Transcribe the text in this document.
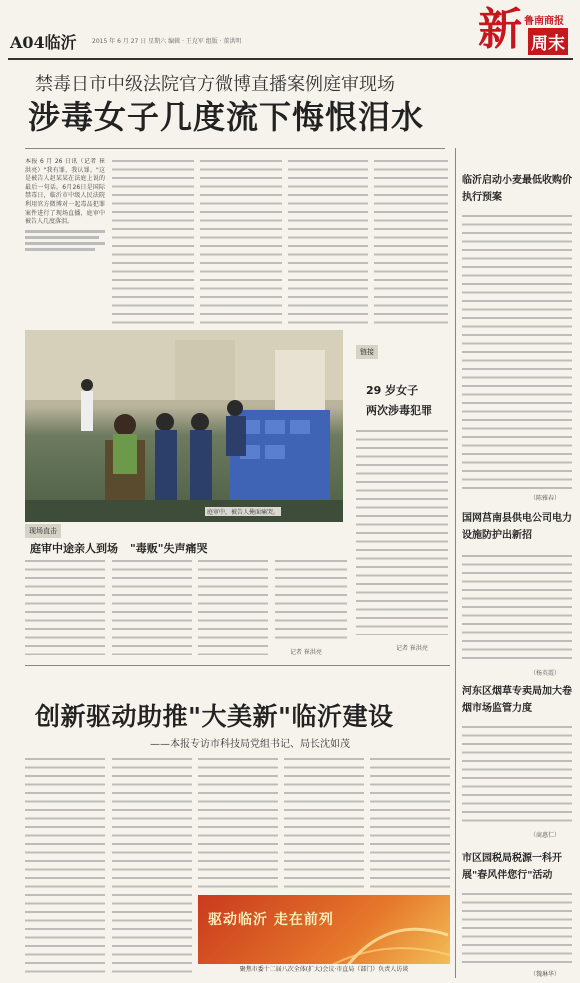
A04临沂	2015 年 6 月 27 日 星期六 编辑 · 王克军 组版 · 董洪明	新 鲁南商报
周末
禁毒日市中级法院官方微博直播案例庭审现场
涉毒女子几度流下悔恨泪水
本报 6 月 26 日讯（记者 崔洪亮）"我有罪，我认罪。"这是被告人赵某某在法庭上说的最后一句话。6月26日是国际禁毒日，临沂市中级人民法院利用官方微博对一起毒品犯罪案件进行了现场直播，庭审中被告人几度落泪。
庭审中，被告人掩面痛哭。
链接
29 岁女子
两次涉毒犯罪
记者 崔洪亮
现场直击
庭审中途亲人到场 "毒贩"失声痛哭
记者 崔洪亮
创新驱动助推"大美新"临沂建设
——本报专访市科技局党组书记、局长沈如茂
驱动临沂 走在前列
聚焦市委十二届八次全体(扩大)会议·市直局（部门）负责人访谈
临沂启动小麦最低收购价执行预案
（陈雅春）
国网莒南县供电公司电力设施防护出新招
（杨英霞）
河东区烟草专卖局加大卷烟市场监管力度
（商惠仁）
市区园税局税源一科开展"春风伴您行"活动
（魏琳华）
